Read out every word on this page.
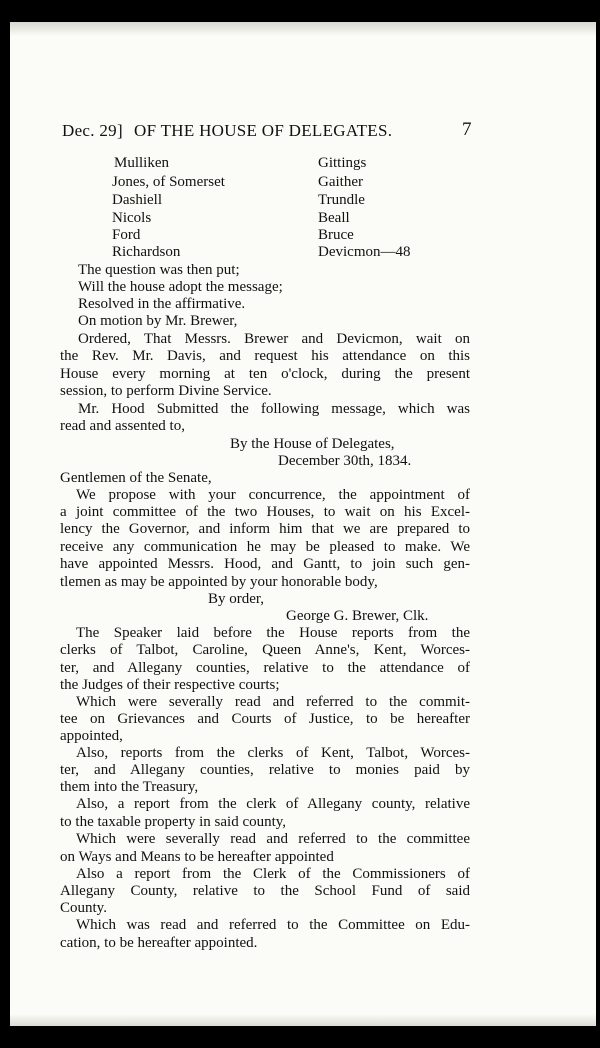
Dec. 29] OF THE HOUSE OF DELEGATES.	7
Mulliken
Jones, of Somerset
Dashiell
Nicols
Ford
Richardson
Gittings
Gaither
Trundle
Beall
Bruce
Devicmon—48
The question was then put;
Will the house adopt the message;
Resolved in the affirmative.
On motion by Mr. Brewer,
Ordered, That Messrs. Brewer and Devicmon, wait on
the Rev. Mr. Davis, and request his attendance on this
House every morning at ten o'clock, during the present
session, to perform Divine Service.
Mr. Hood Submitted the following message, which was
read and assented to,
By the House of Delegates,
December 30th, 1834.
Gentlemen of the Senate,
We propose with your concurrence, the appointment of
a joint committee of the two Houses, to wait on his Excel-
lency the Governor, and inform him that we are prepared to
receive any communication he may be pleased to make. We
have appointed Messrs. Hood, and Gantt, to join such gen-
tlemen as may be appointed by your honorable body,
By order,
George G. Brewer, Clk.
The Speaker laid before the House reports from the
clerks of Talbot, Caroline, Queen Anne's, Kent, Worces-
ter, and Allegany counties, relative to the attendance of
the Judges of their respective courts;
Which were severally read and referred to the commit-
tee on Grievances and Courts of Justice, to be hereafter
appointed,
Also, reports from the clerks of Kent, Talbot, Worces-
ter, and Allegany counties, relative to monies paid by
them into the Treasury,
Also, a report from the clerk of Allegany county, relative
to the taxable property in said county,
Which were severally read and referred to the committee
on Ways and Means to be hereafter appointed
Also a report from the Clerk of the Commissioners of
Allegany County, relative to the School Fund of said
County.
Which was read and referred to the Committee on Edu-
cation, to be hereafter appointed.
